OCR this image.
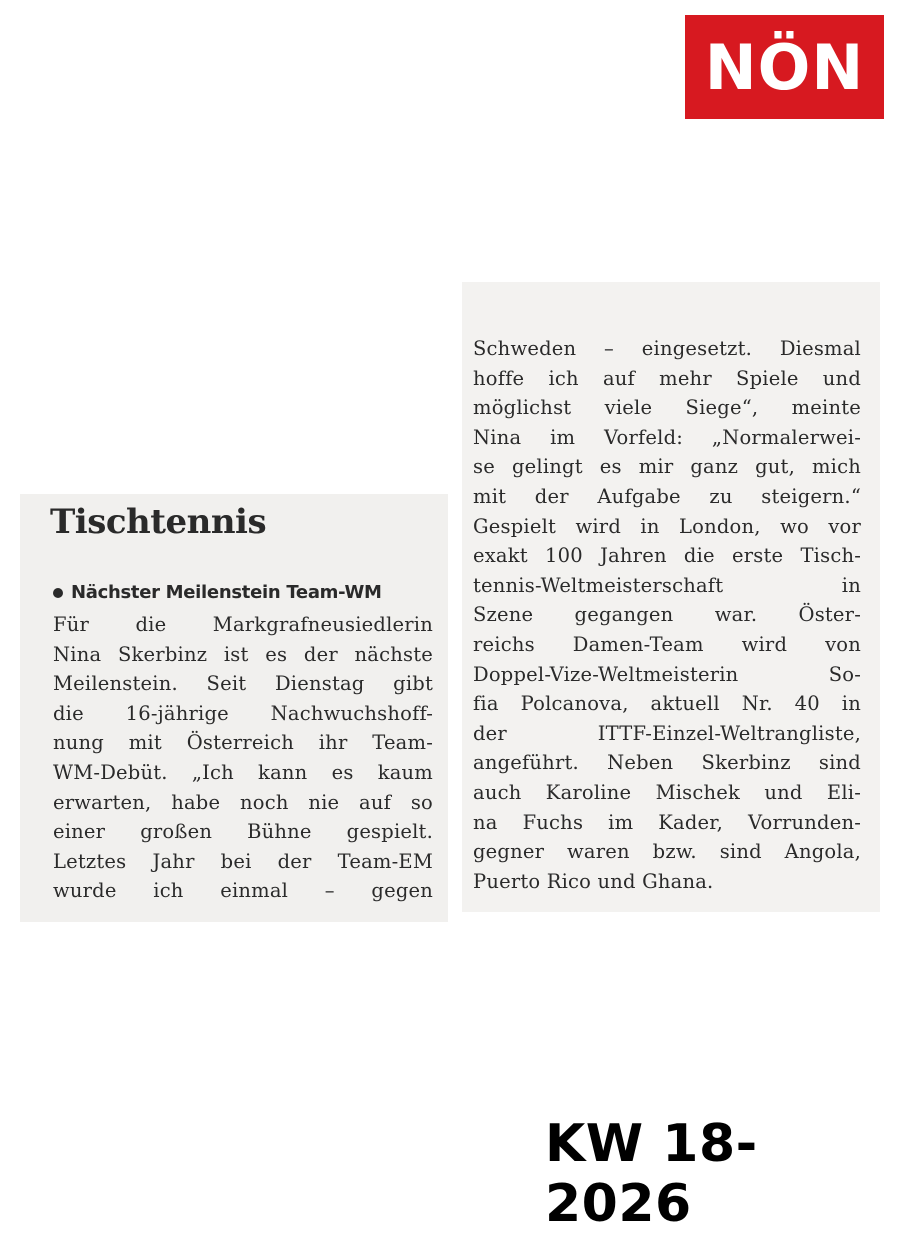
NÖN
Tischtennis
Nächster Meilenstein Team-WM
Für die Markgrafneusiedlerin
Nina Skerbinz ist es der nächste
Meilenstein. Seit Dienstag gibt
die 16-jährige Nachwuchshoff-
nung mit Österreich ihr Team-
WM-Debüt. „Ich kann es kaum
erwarten, habe noch nie auf so
einer großen Bühne gespielt.
Letztes Jahr bei der Team-EM
wurde ich einmal – gegen
Schweden – eingesetzt. Diesmal
hoffe ich auf mehr Spiele und
möglichst viele Siege“, meinte
Nina im Vorfeld: „Normalerwei-
se gelingt es mir ganz gut, mich
mit der Aufgabe zu steigern.“
Gespielt wird in London, wo vor
exakt 100 Jahren die erste Tisch-
tennis-Weltmeisterschaft in
Szene gegangen war. Öster-
reichs Damen-Team wird von
Doppel-Vize-Weltmeisterin So-
fia Polcanova, aktuell Nr. 40 in
der ITTF-Einzel-Weltrangliste,
angeführt. Neben Skerbinz sind
auch Karoline Mischek und Eli-
na Fuchs im Kader, Vorrunden-
gegner waren bzw. sind Angola,
Puerto Rico und Ghana.
KW 18-2026
